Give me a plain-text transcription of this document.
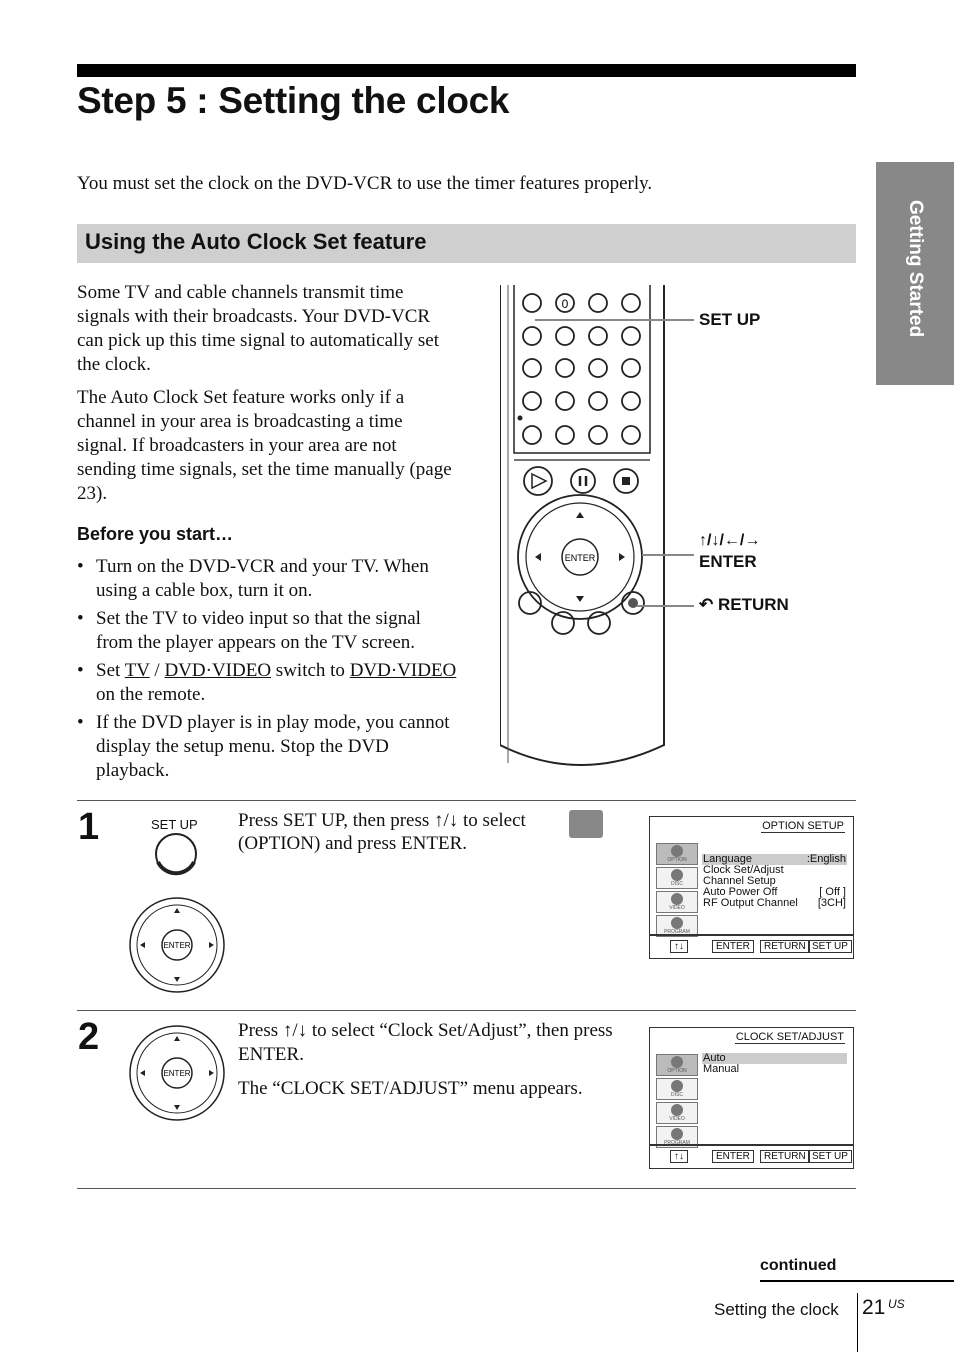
Step 5 : Setting the clock

You must set the clock on the DVD-VCR to use the timer features properly.

Getting Started
Using the Auto Clock Set feature

Some TV and cable channels transmit time signals with their broadcasts. Your DVD-VCR can pick up this time signal to automatically set the clock.

The Auto Clock Set feature works only if a channel in your area is broadcasting a time signal. If broadcasters in your area are not sending time signals, set the time manually (page 23).

Before you start…

• Turn on the DVD-VCR and your TV. When using a cable box, turn it on.
• Set the TV to video input so that the signal from the player appears on the TV screen.
• Set TV / DVD·VIDEO switch to DVD·VIDEO on the remote.
• If the DVD player is in play mode, you cannot display the setup menu. Stop the DVD playback.
0
ENTER
SET UP
↑/↓/←/→
ENTER
↶ RETURN
1	SET UP
ENTER

Press SET UP, then press ↑/↓ to select

(OPTION) and press ENTER.

OPTION SETUP
OPTION
DISC
VIDEO
PROGRAM
Language	:English
Clock Set/Adjust
Channel Setup
Auto Power Off	[ Off ]
RF Output Channel [3CH]
↑↓	ENTER	RETURN SET UP
2
ENTER

Press ↑/↓ to select “Clock Set/Adjust”, then press ENTER.

The “CLOCK SET/ADJUST” menu appears.

CLOCK SET/ADJUST
OPTION
DISC
VIDEO
PROGRAM
Auto
Manual
↑↓	ENTER	RETURN SET UP
continued
Setting the clock 21 US
